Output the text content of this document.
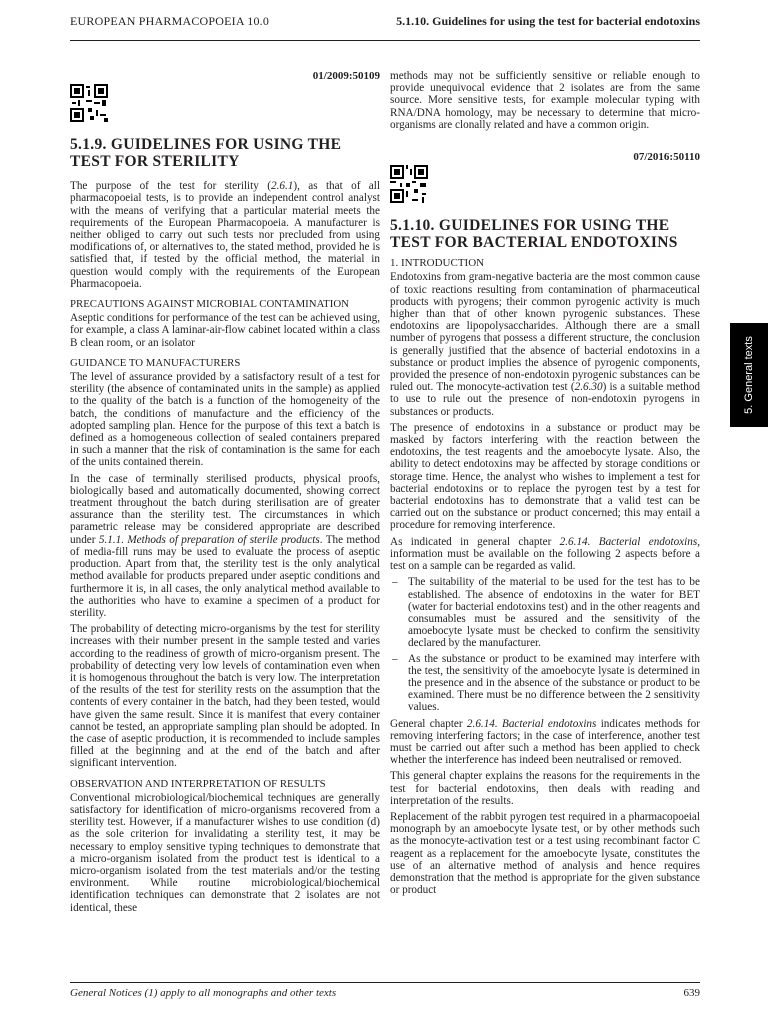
EUROPEAN PHARMACOPOEIA 10.0	5.1.10. Guidelines for using the test for bacterial endotoxins
01/2009:50109
5.1.9. GUIDELINES FOR USING THE TEST FOR STERILITY

The purpose of the test for sterility (2.6.1), as that of all pharmacopoeial tests, is to provide an independent control analyst with the means of verifying that a particular material meets the requirements of the European Pharmacopoeia. A manufacturer is neither obliged to carry out such tests nor precluded from using modifications of, or alternatives to, the stated method, provided he is satisfied that, if tested by the official method, the material in question would comply with the requirements of the European Pharmacopoeia.

PRECAUTIONS AGAINST MICROBIAL CONTAMINATION

Aseptic conditions for performance of the test can be achieved using, for example, a class A laminar-air-flow cabinet located within a class B clean room, or an isolator

GUIDANCE TO MANUFACTURERS

The level of assurance provided by a satisfactory result of a test for sterility (the absence of contaminated units in the sample) as applied to the quality of the batch is a function of the homogeneity of the batch, the conditions of manufacture and the efficiency of the adopted sampling plan. Hence for the purpose of this text a batch is defined as a homogeneous collection of sealed containers prepared in such a manner that the risk of contamination is the same for each of the units contained therein.

In the case of terminally sterilised products, physical proofs, biologically based and automatically documented, showing correct treatment throughout the batch during sterilisation are of greater assurance than the sterility test. The circumstances in which parametric release may be considered appropriate are described under 5.1.1. Methods of preparation of sterile products. The method of media-fill runs may be used to evaluate the process of aseptic production. Apart from that, the sterility test is the only analytical method available for products prepared under aseptic conditions and furthermore it is, in all cases, the only analytical method available to the authorities who have to examine a specimen of a product for sterility.

The probability of detecting micro-organisms by the test for sterility increases with their number present in the sample tested and varies according to the readiness of growth of micro-organism present. The probability of detecting very low levels of contamination even when it is homogenous throughout the batch is very low. The interpretation of the results of the test for sterility rests on the assumption that the contents of every container in the batch, had they been tested, would have given the same result. Since it is manifest that every container cannot be tested, an appropriate sampling plan should be adopted. In the case of aseptic production, it is recommended to include samples filled at the beginning and at the end of the batch and after significant intervention.

OBSERVATION AND INTERPRETATION OF RESULTS

Conventional microbiological/biochemical techniques are generally satisfactory for identification of micro-organisms recovered from a sterility test. However, if a manufacturer wishes to use condition (d) as the sole criterion for invalidating a sterility test, it may be necessary to employ sensitive typing techniques to demonstrate that a micro-organism isolated from the product test is identical to a micro-organism isolated from the test materials and/or the testing environment. While routine microbiological/biochemical identification techniques can demonstrate that 2 isolates are not identical, these

methods may not be sufficiently sensitive or reliable enough to provide unequivocal evidence that 2 isolates are from the same source. More sensitive tests, for example molecular typing with RNA/DNA homology, may be necessary to determine that micro-organisms are clonally related and have a common origin.

07/2016:50110
5.1.10. GUIDELINES FOR USING THE TEST FOR BACTERIAL ENDOTOXINS
1. INTRODUCTION

Endotoxins from gram-negative bacteria are the most common cause of toxic reactions resulting from contamination of pharmaceutical products with pyrogens; their common pyrogenic activity is much higher than that of other known pyrogenic substances. These endotoxins are lipopolysaccharides. Although there are a small number of pyrogens that possess a different structure, the conclusion is generally justified that the absence of bacterial endotoxins in a substance or product implies the absence of pyrogenic components, provided the presence of non-endotoxin pyrogenic substances can be ruled out. The monocyte-activation test (2.6.30) is a suitable method to use to rule out the presence of non-endotoxin pyrogens in substances or products.

The presence of endotoxins in a substance or product may be masked by factors interfering with the reaction between the endotoxins, the test reagents and the amoebocyte lysate. Also, the ability to detect endotoxins may be affected by storage conditions or storage time. Hence, the analyst who wishes to implement a test for bacterial endotoxins or to replace the pyrogen test by a test for bacterial endotoxins has to demonstrate that a valid test can be carried out on the substance or product concerned; this may entail a procedure for removing interference.

As indicated in general chapter 2.6.14. Bacterial endotoxins, information must be available on the following 2 aspects before a test on a sample can be regarded as valid.

– The suitability of the material to be used for the test has to be established. The absence of endotoxins in the water for BET (water for bacterial endotoxins test) and in the other reagents and consumables must be assured and the sensitivity of the amoebocyte lysate must be checked to confirm the sensitivity declared by the manufacturer.
– As the substance or product to be examined may interfere with the test, the sensitivity of the amoebocyte lysate is determined in the presence and in the absence of the substance or product to be examined. There must be no difference between the 2 sensitivity values.

General chapter 2.6.14. Bacterial endotoxins indicates methods for removing interfering factors; in the case of interference, another test must be carried out after such a method has been applied to check whether the interference has indeed been neutralised or removed.

This general chapter explains the reasons for the requirements in the test for bacterial endotoxins, then deals with reading and interpretation of the results.

Replacement of the rabbit pyrogen test required in a pharmacopoeial monograph by an amoebocyte lysate test, or by other methods such as the monocyte-activation test or a test using recombinant factor C reagent as a replacement for the amoebocyte lysate, constitutes the use of an alternative method of analysis and hence requires demonstration that the method is appropriate for the given substance or product

5. General texts
General Notices (1) apply to all monographs and other texts	639
